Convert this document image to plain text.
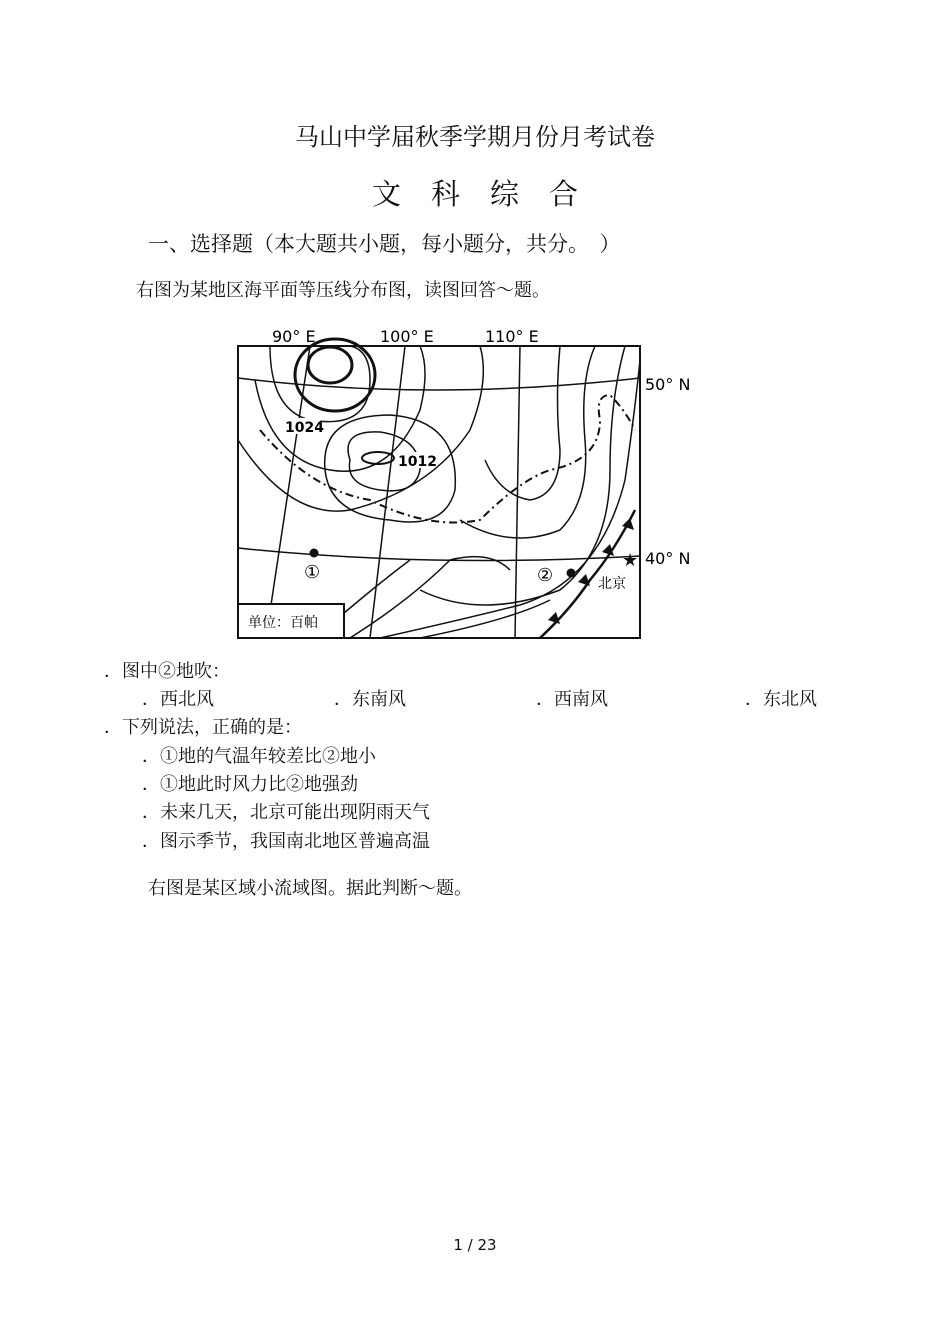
马山中学届秋季学期月份月考试卷
文科综合
一、选择题（本大题共小题，每小题分，共分。　）
右图为某地区海平面等压线分布图，读图回答～题。
90° E	100° E	110° E
50° N
40° N
1024
1012
①	②
★
北京
单位：百帕
．图中②地吹：
．西北风	．东南风	．西南风	．东北风
．下列说法，正确的是：
．①地的气温年较差比②地小
．①地此时风力比②地强劲
．未来几天，北京可能出现阴雨天气
．图示季节，我国南北地区普遍高温
右图是某区域小流域图。据此判断～题。
1 / 23
